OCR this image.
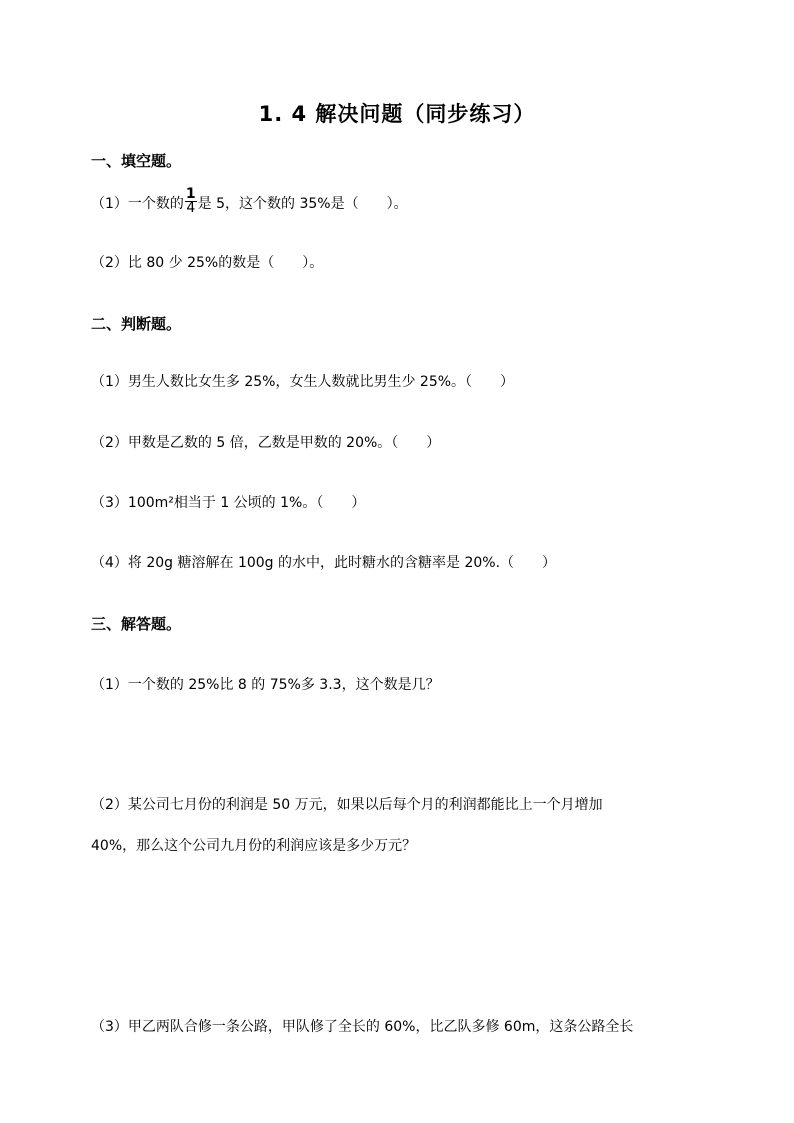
1. 4 解决问题（同步练习）
一、填空题。
（1）一个数的 $\frac{1}{4}$ 是 5，这个数的 35%是（　　）。
（2）比 80 少 25%的数是（　　）。
二、判断题。
（1）男生人数比女生多 25%，女生人数就比男生少 25%。（　　）
（2）甲数是乙数的 5 倍，乙数是甲数的 20%。（　　）
（3）100m²相当于 1 公顷的 1%。（　　）
（4）将 20g 糖溶解在 100g 的水中，此时糖水的含糖率是 20%.（　　）
三、解答题。
（1）一个数的 25%比 8 的 75%多 3.3，这个数是几？
（2）某公司七月份的利润是 50 万元，如果以后每个月的利润都能比上一个月增加
40%，那么这个公司九月份的利润应该是多少万元？
（3）甲乙两队合修一条公路，甲队修了全长的 60%，比乙队多修 60m，这条公路全长
